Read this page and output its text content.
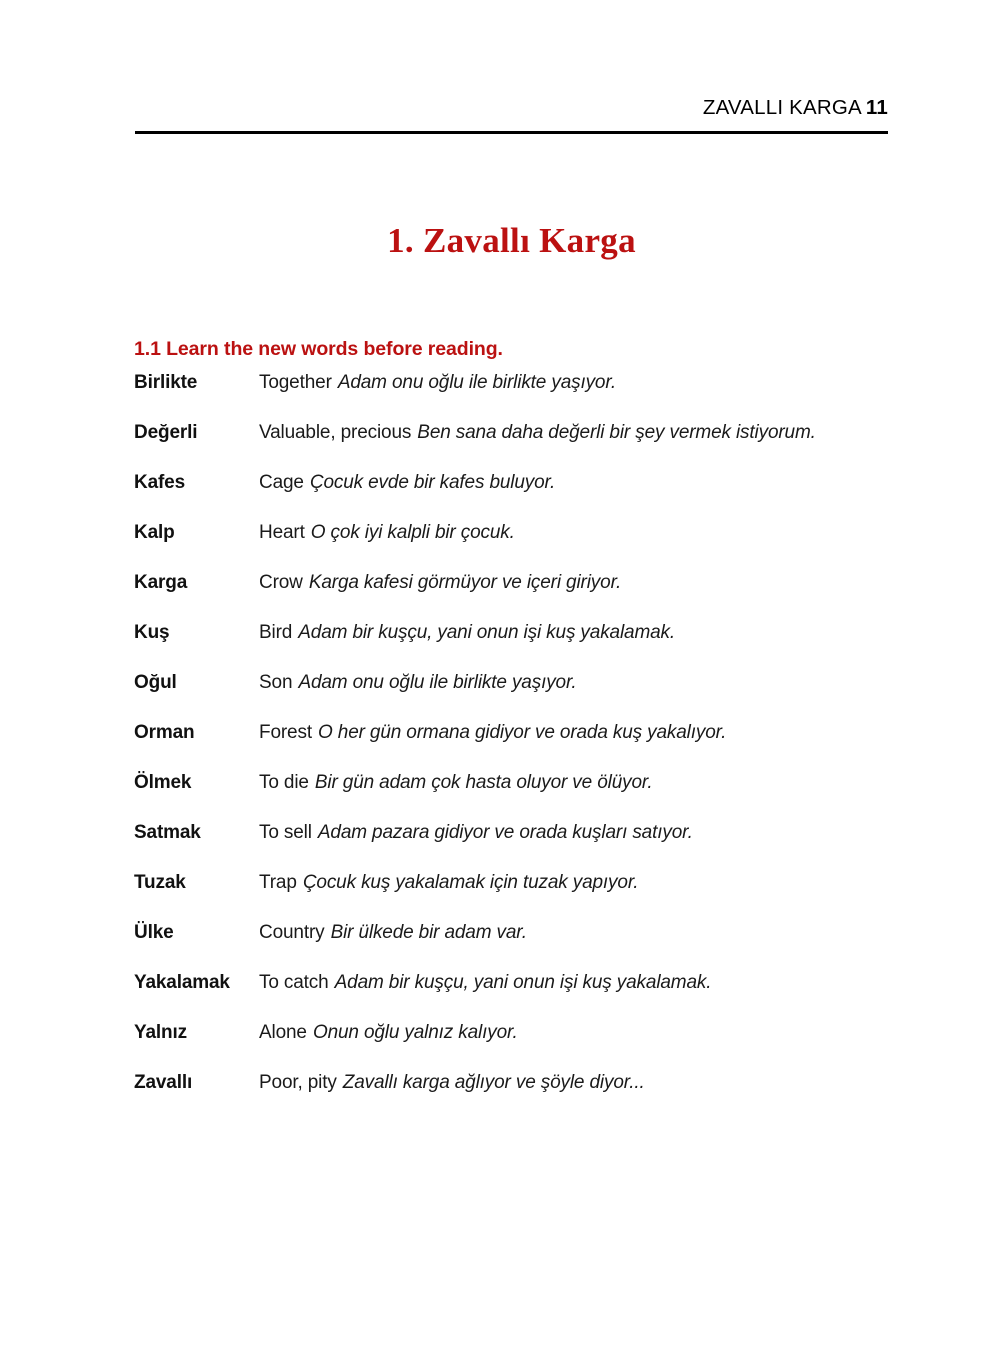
ZAVALLI KARGA 11
1. Zavallı Karga
1.1 Learn the new words before reading.
Birlikte	Together Adam onu oğlu ile birlikte yaşıyor.
Değerli	Valuable, precious Ben sana daha değerli bir şey vermek istiyorum.
Kafes	Cage Çocuk evde bir kafes buluyor.
Kalp	Heart O çok iyi kalpli bir çocuk.
Karga	Crow Karga kafesi görmüyor ve içeri giriyor.
Kuş	Bird Adam bir kuşçu, yani onun işi kuş yakalamak.
Oğul	Son Adam onu oğlu ile birlikte yaşıyor.
Orman	Forest O her gün ormana gidiyor ve orada kuş yakalıyor.
Ölmek	To die Bir gün adam çok hasta oluyor ve ölüyor.
Satmak	To sell Adam pazara gidiyor ve orada kuşları satıyor.
Tuzak	Trap Çocuk kuş yakalamak için tuzak yapıyor.
Ülke	Country Bir ülkede bir adam var.
Yakalamak	To catch Adam bir kuşçu, yani onun işi kuş yakalamak.
Yalnız	Alone Onun oğlu yalnız kalıyor.
Zavallı	Poor, pity Zavallı karga ağlıyor ve şöyle diyor...
